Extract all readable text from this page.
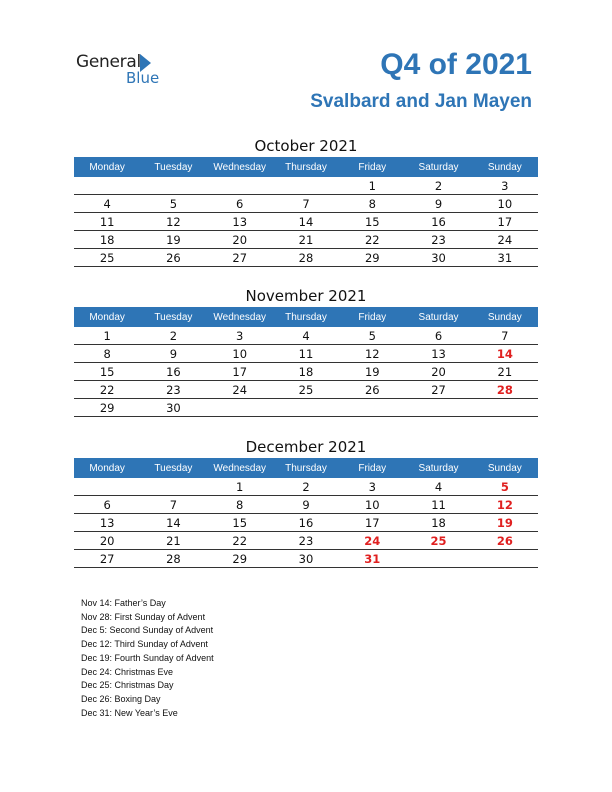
General
Blue	Q4 of 2021
Svalbard and Jan Mayen
October 2021
Monday	Tuesday	Wednesday	Thursday	Friday	Saturday	Sunday
				1	2	3
4	5	6	7	8	9	10
11	12	13	14	15	16	17
18	19	20	21	22	23	24
25	26	27	28	29	30	31
November 2021
Monday	Tuesday	Wednesday	Thursday	Friday	Saturday	Sunday
1	2	3	4	5	6	7
8	9	10	11	12	13	14
15	16	17	18	19	20	21
22	23	24	25	26	27	28
29	30					
December 2021
Monday	Tuesday	Wednesday	Thursday	Friday	Saturday	Sunday
		1	2	3	4	5
6	7	8	9	10	11	12
13	14	15	16	17	18	19
20	21	22	23	24	25	26
27	28	29	30	31		
Nov 14: Father’s Day
Nov 28: First Sunday of Advent
Dec 5: Second Sunday of Advent
Dec 12: Third Sunday of Advent
Dec 19: Fourth Sunday of Advent
Dec 24: Christmas Eve
Dec 25: Christmas Day
Dec 26: Boxing Day
Dec 31: New Year’s Eve
